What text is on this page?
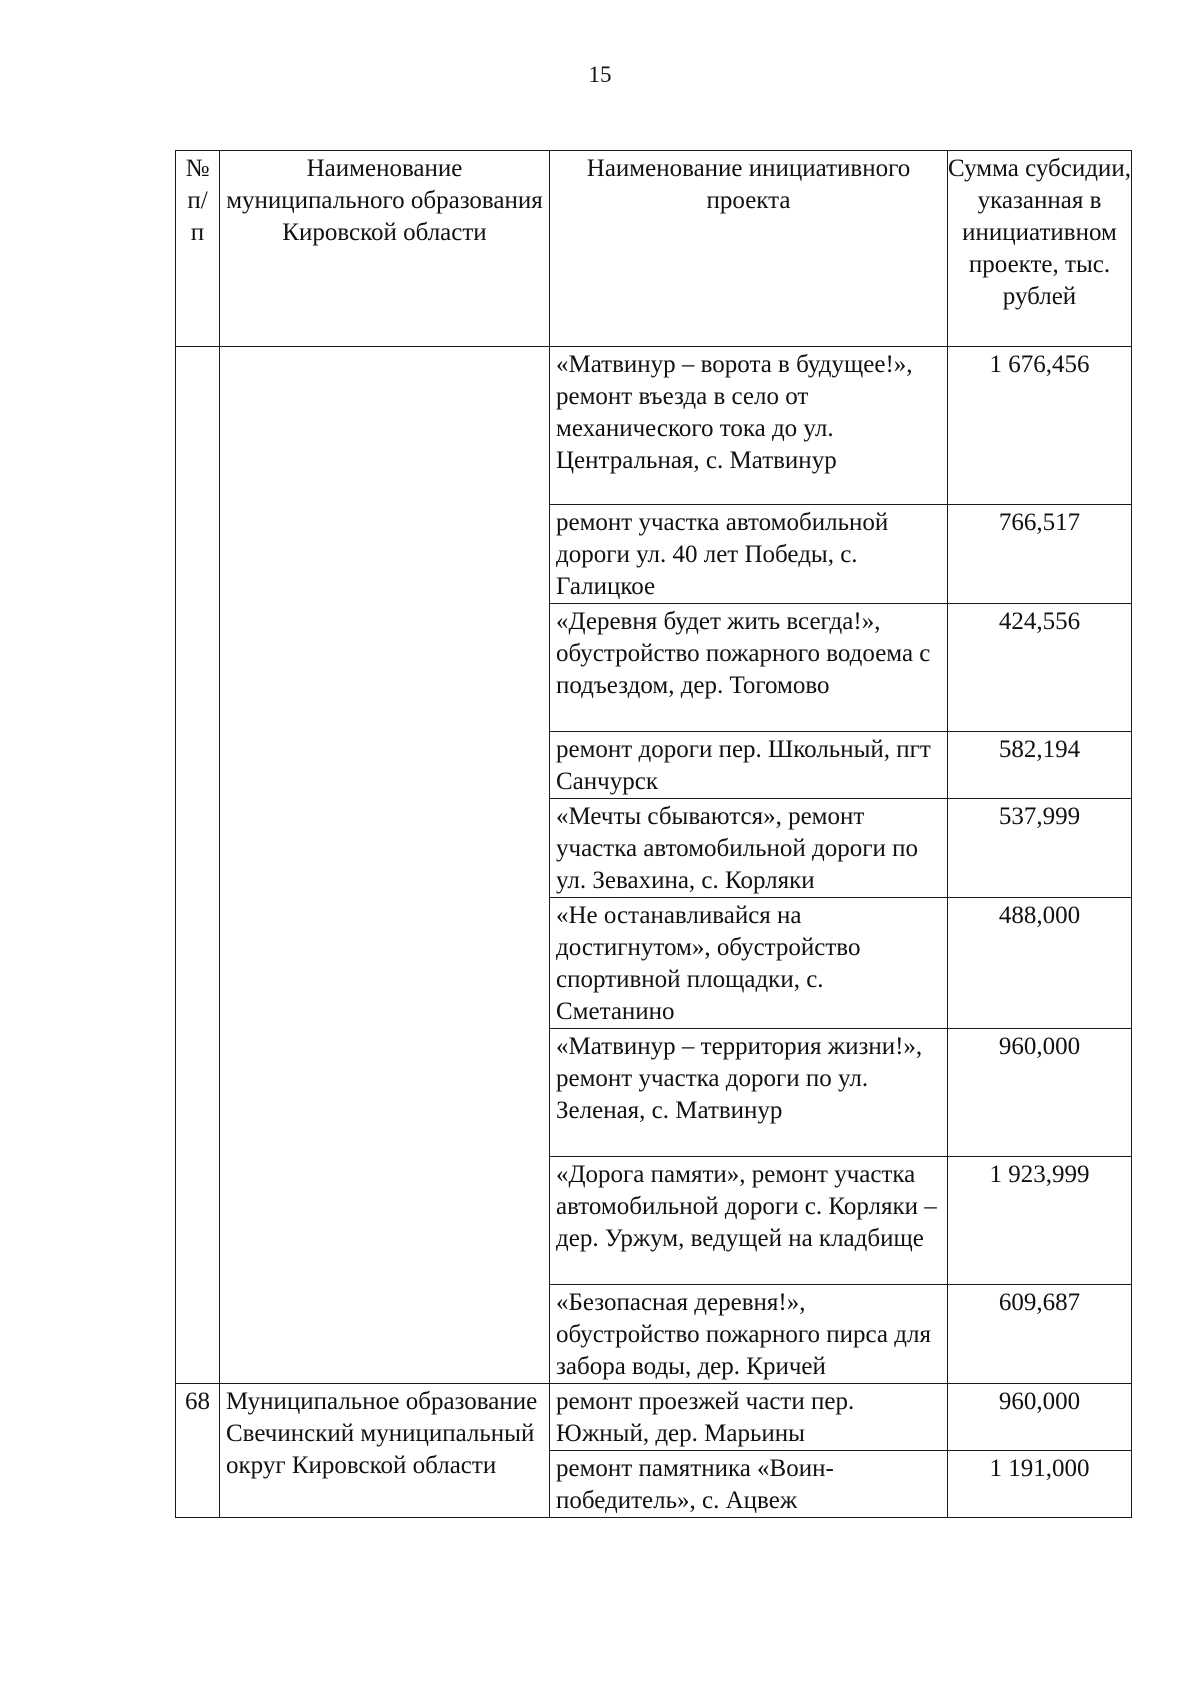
15
№ п/п	Наименование муниципального образования Кировской области	Наименование инициативного проекта	Сумма субсидии, указанная в инициативном проекте, тыс. рублей
		«Матвинур – ворота в будущее!», ремонт въезда в село от механического тока до ул. Центральная, с. Матвинур	1 676,456
		ремонт участка автомобильной дороги ул. 40 лет Победы, с. Галицкое	766,517
		«Деревня будет жить всегда!», обустройство пожарного водоема с подъездом, дер. Тогомово	424,556
		ремонт дороги пер. Школьный, пгт Санчурск	582,194
		«Мечты сбываются», ремонт участка автомобильной дороги по ул. Зевахина, с. Корляки	537,999
		«Не останавливайся на достигнутом», обустройство спортивной площадки, с. Сметанино	488,000
		«Матвинур – территория жизни!», ремонт участка дороги по ул. Зеленая, с. Матвинур	960,000
		«Дорога памяти», ремонт участка автомобильной дороги с. Корляки – дер. Уржум, ведущей на кладбище	1 923,999
		«Безопасная деревня!», обустройство пожарного пирса для забора воды, дер. Кричей	609,687
68	Муниципальное образование Свечинский муниципальный округ Кировской области	ремонт проезжей части пер. Южный, дер. Марьины	960,000
		ремонт памятника «Воин-победитель», с. Ацвеж	1 191,000
